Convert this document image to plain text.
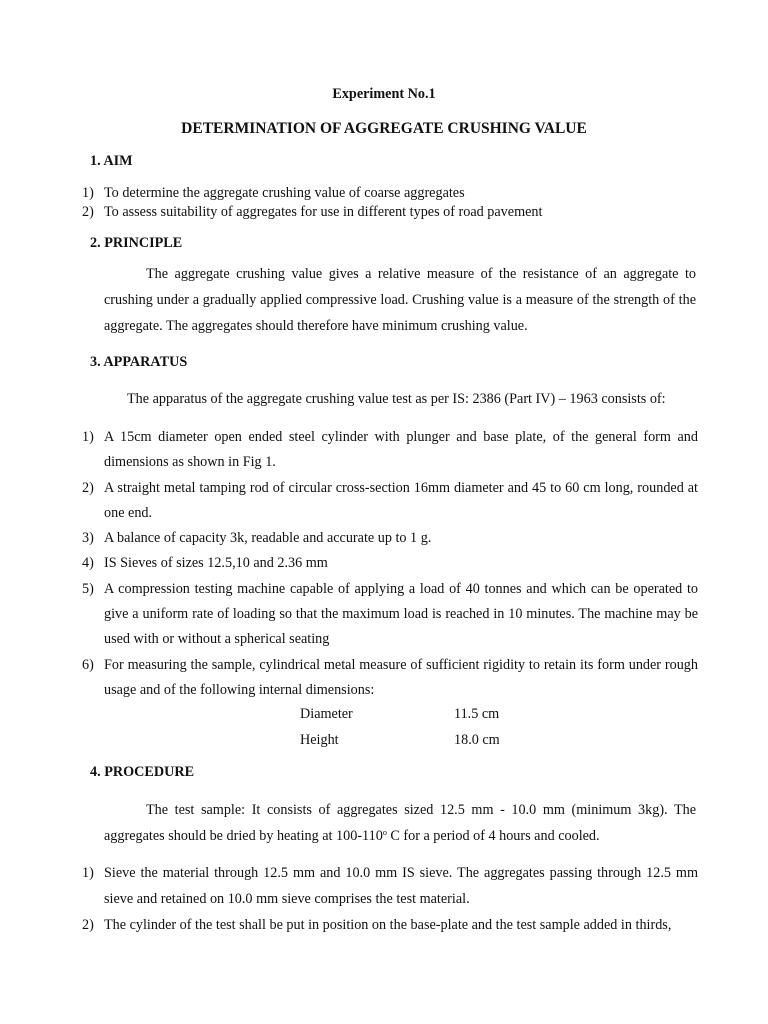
Experiment No.1
DETERMINATION OF AGGREGATE CRUSHING VALUE
1. AIM
1) To determine the aggregate crushing value of coarse aggregates
2) To assess suitability of aggregates for use in different types of road pavement
2. PRINCIPLE
The aggregate crushing value gives a relative measure of the resistance of an aggregate to crushing under a gradually applied compressive load. Crushing value is a measure of the strength of the aggregate. The aggregates should therefore have minimum crushing value.
3. APPARATUS
The apparatus of the aggregate crushing value test as per IS: 2386 (Part IV) – 1963 consists of:
1) A 15cm diameter open ended steel cylinder with plunger and base plate, of the general form and dimensions as shown in Fig 1.
2) A straight metal tamping rod of circular cross-section 16mm diameter and 45 to 60 cm long, rounded at one end.
3) A balance of capacity 3k, readable and accurate up to 1 g.
4) IS Sieves of sizes 12.5,10 and 2.36 mm
5) A compression testing machine capable of applying a load of 40 tonnes and which can be operated to give a uniform rate of loading so that the maximum load is reached in 10 minutes. The machine may be used with or without a spherical seating
6) For measuring the sample, cylindrical metal measure of sufficient rigidity to retain its form under rough usage and of the following internal dimensions:
Diameter	11.5 cm
Height	18.0 cm
4. PROCEDURE
The test sample: It consists of aggregates sized 12.5 mm - 10.0 mm (minimum 3kg). The aggregates should be dried by heating at 100-110$^o$ C for a period of 4 hours and cooled.
1) Sieve the material through 12.5 mm and 10.0 mm IS sieve. The aggregates passing through 12.5 mm sieve and retained on 10.0 mm sieve comprises the test material.
2) The cylinder of the test shall be put in position on the base-plate and the test sample added in thirds,
